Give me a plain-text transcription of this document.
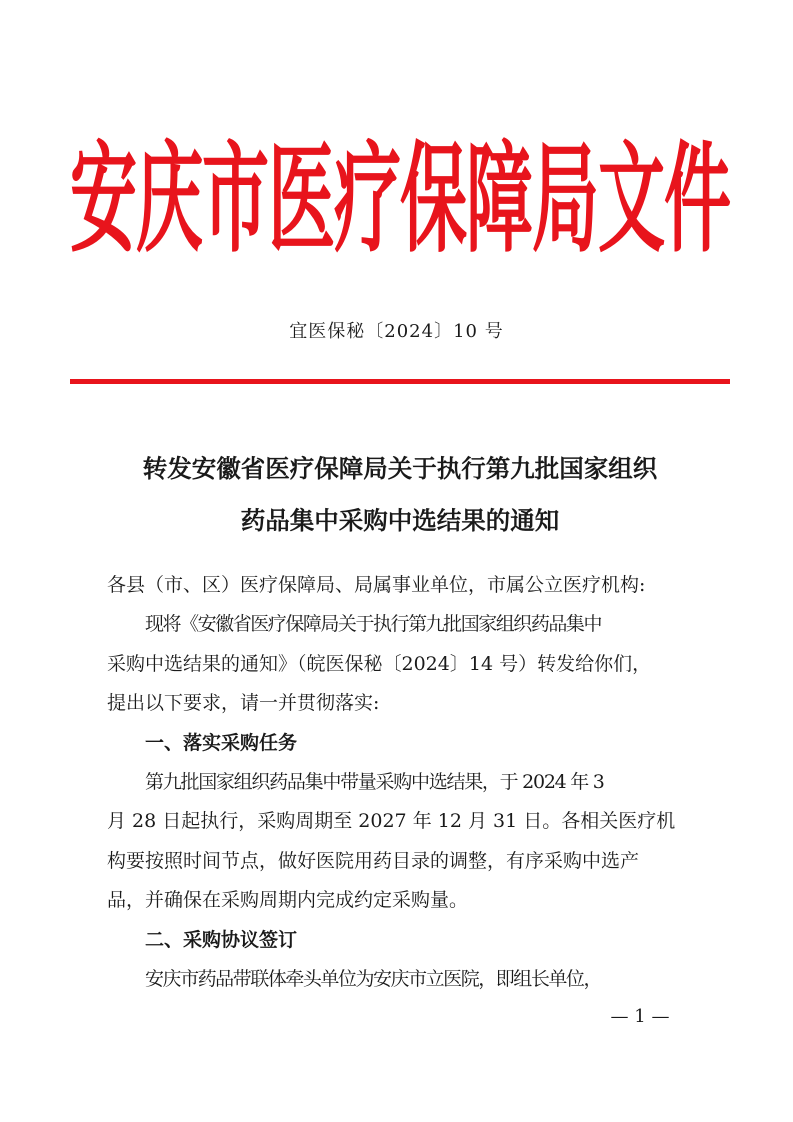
安庆市医疗保障局文件
宜医保秘〔2024〕10 号
转发安徽省医疗保障局关于执行第九批国家组织
药品集中采购中选结果的通知

各县（市、区）医疗保障局、局属事业单位，市属公立医疗机构:

现将《安徽省医疗保障局关于执行第九批国家组织药品集中

采购中选结果的通知》（皖医保秘〔2024〕14 号）转发给你们，
提出以下要求，请一并贯彻落实:

一、落实采购任务

第九批国家组织药品集中带量采购中选结果，于 2024 年 3

月 28 日起执行，采购周期至 2027 年 12 月 31 日。各相关医疗机
构要按照时间节点，做好医院用药目录的调整，有序采购中选产
品，并确保在采购周期内完成约定采购量。

二、采购协议签订

安庆市药品带联体牵头单位为安庆市立医院，即组长单位，

— 1 —
